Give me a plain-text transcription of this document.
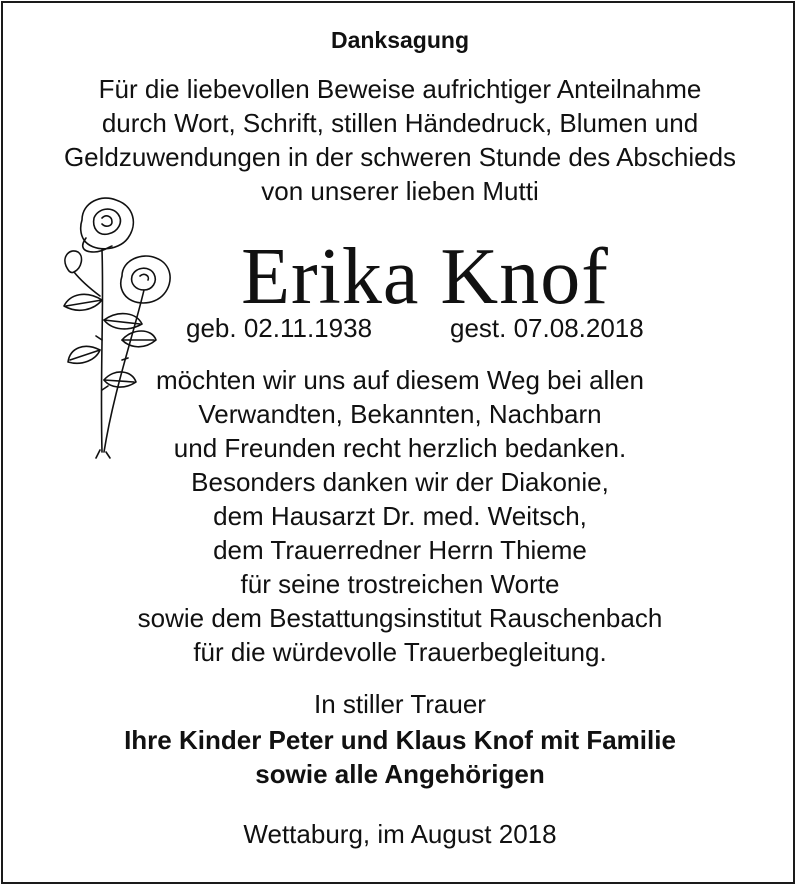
Danksagung
Für die liebevollen Beweise aufrichtiger Anteilnahme
durch Wort, Schrift, stillen Händedruck, Blumen und
Geldzuwendungen in der schweren Stunde des Abschieds
von unserer lieben Mutti
Erika Knof
geb. 02.11.1938	gest. 07.08.2018
möchten wir uns auf diesem Weg bei allen
Verwandten, Bekannten, Nachbarn
und Freunden recht herzlich bedanken.
Besonders danken wir der Diakonie,
dem Hausarzt Dr. med. Weitsch,
dem Trauerredner Herrn Thieme
für seine trostreichen Worte
sowie dem Bestattungsinstitut Rauschenbach
für die würdevolle Trauerbegleitung.
In stiller Trauer
Ihre Kinder Peter und Klaus Knof mit Familie
sowie alle Angehörigen
Wettaburg, im August 2018
